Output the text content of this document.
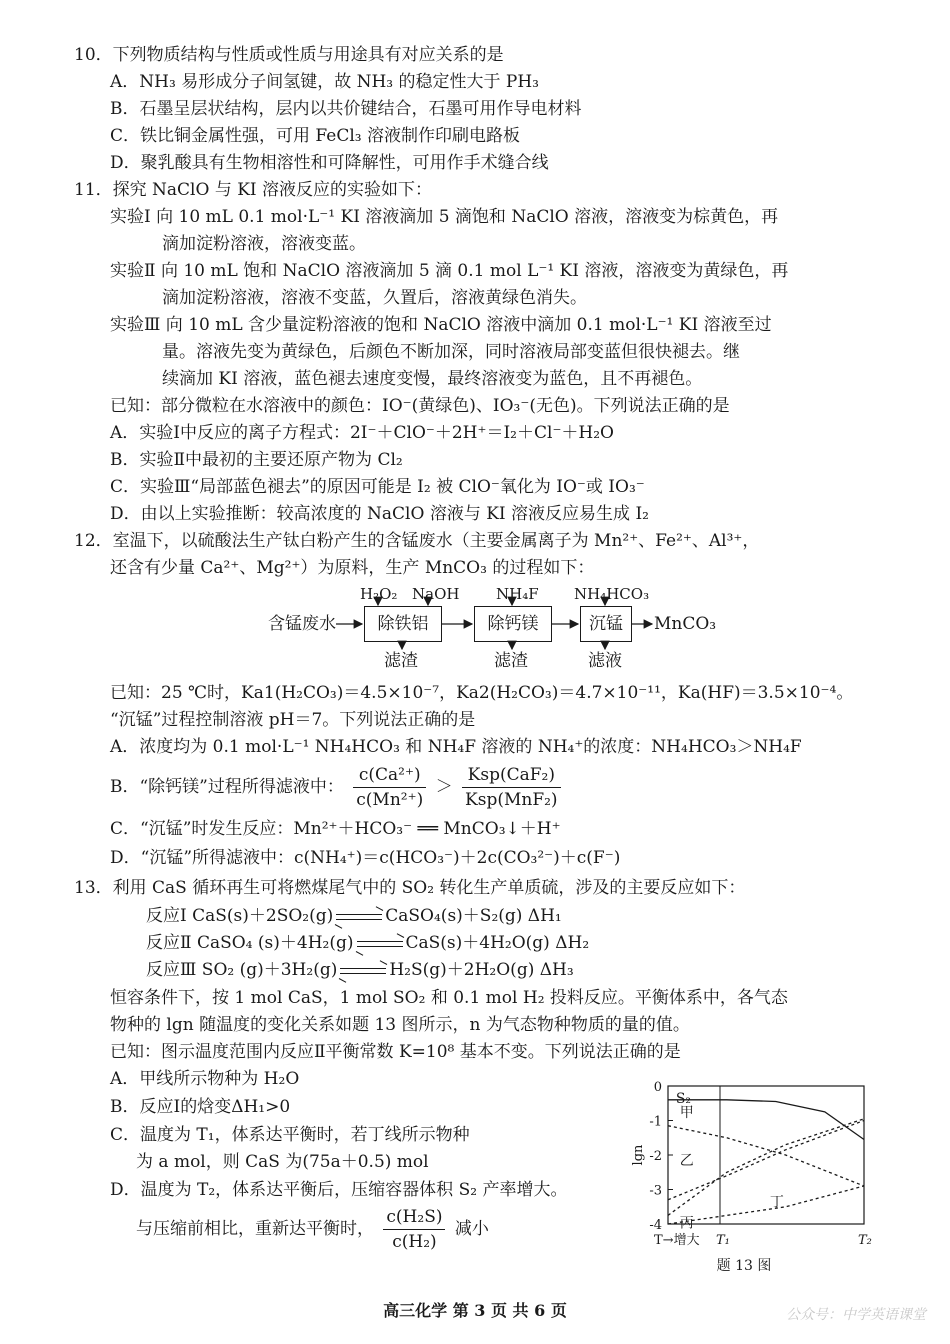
10．下列物质结构与性质或性质与用途具有对应关系的是
A．NH₃ 易形成分子间氢键，故 NH₃ 的稳定性大于 PH₃
B．石墨呈层状结构，层内以共价键结合，石墨可用作导电材料
C．铁比铜金属性强，可用 FeCl₃ 溶液制作印刷电路板
D．聚乳酸具有生物相溶性和可降解性，可用作手术缝合线
11．探究 NaClO 与 KI 溶液反应的实验如下：
实验Ⅰ 向 10 mL 0.1 mol·L⁻¹ KI 溶液滴加 5 滴饱和 NaClO 溶液，溶液变为棕黄色，再
滴加淀粉溶液，溶液变蓝。
实验Ⅱ 向 10 mL 饱和 NaClO 溶液滴加 5 滴 0.1 mol L⁻¹ KI 溶液，溶液变为黄绿色，再
滴加淀粉溶液，溶液不变蓝，久置后，溶液黄绿色消失。
实验Ⅲ 向 10 mL 含少量淀粉溶液的饱和 NaClO 溶液中滴加 0.1 mol·L⁻¹ KI 溶液至过
量。溶液先变为黄绿色，后颜色不断加深，同时溶液局部变蓝但很快褪去。继
续滴加 KI 溶液，蓝色褪去速度变慢，最终溶液变为蓝色，且不再褪色。
已知：部分微粒在水溶液中的颜色：IO⁻(黄绿色)、IO₃⁻(无色)。下列说法正确的是
A．实验Ⅰ中反应的离子方程式：2I⁻＋ClO⁻＋2H⁺＝I₂＋Cl⁻＋H₂O
B．实验Ⅱ中最初的主要还原产物为 Cl₂
C．实验Ⅲ“局部蓝色褪去”的原因可能是 I₂ 被 ClO⁻氧化为 IO⁻或 IO₃⁻
D．由以上实验推断：较高浓度的 NaClO 溶液与 KI 溶液反应易生成 I₂
12．室温下，以硫酸法生产钛白粉产生的含锰废水（主要金属离子为 Mn²⁺、Fe²⁺、Al³⁺，
还含有少量 Ca²⁺、Mg²⁺）为原料，生产 MnCO₃ 的过程如下：
H₂O₂ NaOH NH₄F NH₄HCO₃
含锰废水	除铁铝	除钙镁	沉锰	MnCO₃
滤渣	滤渣	滤液
已知：25 ℃时，Ka1(H₂CO₃)＝4.5×10⁻⁷，Ka2(H₂CO₃)＝4.7×10⁻¹¹，Ka(HF)＝3.5×10⁻⁴。
“沉锰”过程控制溶液 pH＝7。下列说法正确的是
A．浓度均为 0.1 mol·L⁻¹ NH₄HCO₃ 和 NH₄F 溶液的 NH₄⁺的浓度：NH₄HCO₃＞NH₄F
B．“除钙镁”过程所得滤液中： $\frac{\text{c(Ca²⁺)}}{\text{c(Mn²⁺)}} > \frac{\text{Ksp(CaF₂)}}{\text{Ksp(MnF₂)}}$
C．“沉锰”时发生反应：Mn²⁺＋HCO₃⁻ ══ MnCO₃↓＋H⁺
D．“沉锰”所得滤液中：c(NH₄⁺)＝c(HCO₃⁻)＋2c(CO₃²⁻)＋c(F⁻)
13．利用 CaS 循环再生可将燃煤尾气中的 SO₂ 转化生产单质硫，涉及的主要反应如下：
反应Ⅰ CaS(s)＋2SO₂(g)	CaSO₄(s)＋S₂(g) ΔH₁
反应Ⅱ CaSO₄ (s)＋4H₂(g)	CaS(s)＋4H₂O(g) ΔH₂
反应Ⅲ SO₂ (g)＋3H₂(g)	H₂S(g)＋2H₂O(g) ΔH₃
恒容条件下，按 1 mol CaS，1 mol SO₂ 和 0.1 mol H₂ 投料反应。平衡体系中，各气态
物种的 lgn 随温度的变化关系如题 13 图所示，n 为气态物种物质的量的值。
已知：图示温度范围内反应Ⅱ平衡常数 K=10⁸ 基本不变。下列说法正确的是
A．甲线所示物种为 H₂O
B．反应Ⅰ的焓变ΔH₁>0
C．温度为 T₁，体系达平衡时，若丁线所示物种
为 a mol，则 CaS 为(75a＋0.5) mol
D．温度为 T₂，体系达平衡后，压缩容器体积 S₂ 产率增大。
与压缩前相比，重新达平衡时， $\frac{\text{c(H₂S)}}{\text{c(H₂)}}$ 减小
0
-1
-2
-3
-4
lgn
T→增大 T₁	T₂
S₂
甲
乙
丙
丁
题 13 图
高三化学 第 3 页 共 6 页	公众号：中学英语课堂
